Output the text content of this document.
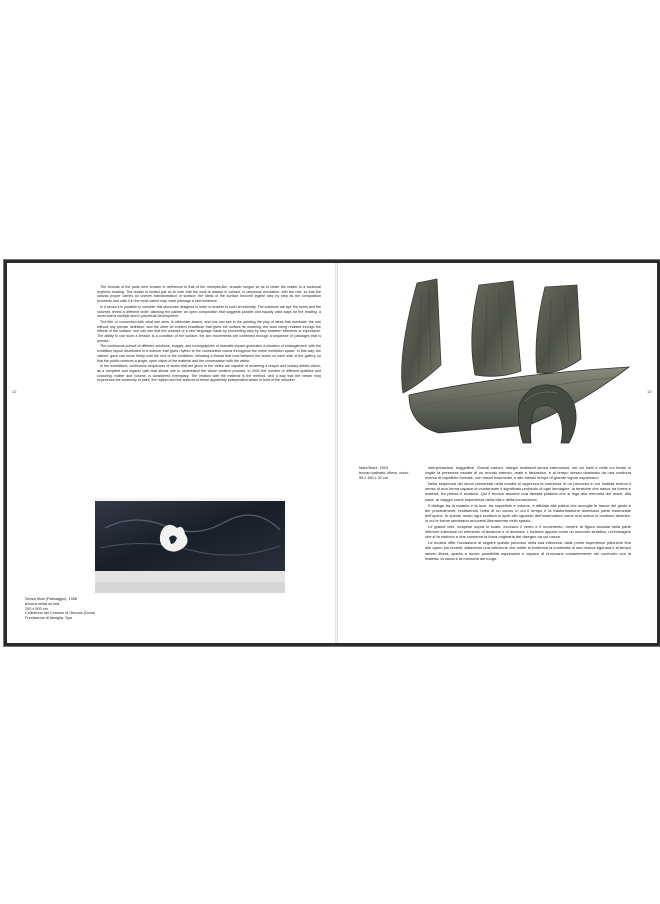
12	13

The formula of the parts here chosen in deference to that of the metopes-like, broader tongue so as to relate the reader to a continual rhythmic reading. The reader is invited just so to note that the work is always in contact, in perpetual circulation, with the rest, so that the canvas proper carries an uneven transformation of surface: the ideas of the surface become legible step by step as the composition proceeds and calls it in the most varied way: each passage a new evidence.

In a sense it is possible to consider this discourse designed in order to answer to such an intensity. The solutions are apt: the forms and the volumes reveal a different order, allowing the painter an open composition that suggests parallel and equally valid ways for the reading, a world that is multiple and in perpetual development.

The title, in connection with what one sees, is otherwise absent, and one can see in the painting the play of wires that dominate: the one without any precise definition, and the other an evident exactitude that gives the surface its meaning, the work being realised through the effects of the surface: one can see that the concept of a new language made by proceeding step by step between elements of expression. The ability to use such a tension is a condition of the surface: the two movements are combined through a sequence of passages that is precise.

The continuous pursuit of different solutions, images, and iconographies of dramatic impact generates a situation of entanglement, with the exhibition layout distributed in a manner that gives rhythm to the consecutive rooms throughout the entire exhibition space. In this way, the visitors' gaze can move freely until the end of the exhibition, following a thread that runs between the works on each side of the gallery, so that the public receives a single, open vision of the material and the conversation with the visitor.

In the exhibitions, continuous sequences of works that are given to the visitor are capable of rendering a unique and unitary artistic vision, as a complete and organic path that allows one to understand the whole creative process. In 2002 the number of different qualities and colouring, matter and volume, is considered exemplary. The relation with the material is the method, and a way that the viewer may experience the continuity of paint, the rhythm and the textures of these apparently independent works in front of the onlooker.

Senza titolo (Paesaggio), 1958
tecnica mista su tela
200 x 500 cm
Collezione del Comune di Genova (Dono)
Fondazione di famiglia, Spa
Mare/Nave, 2004
bronzo patinato, rilievo, unico
98 x 150 x 20 cm

interpretazioni, soggettive. Grandi cartoni, disegni realizzati senza interruzioni, nei cui tratti e nelle cui forme si coglie la presenza visuale di un mondo intenso, reale e fantastico, e al tempo stesso dominato da una continua ricerca di equilibrio formale, con mezzi essenziali, e allo stesso tempo di grande vigore espressivo.

Nella sequenza dei lavori presentati nella mostra si apprezza la coerenza di un percorso in cui l'artista ricerca il senso di una forma capace di condensare il significato profondo di ogni immagine, la tensione che nasce tra forma e materia, tra pittura e scultura. Qui il bronzo assume una densità plastica che si lega alla memoria del mare, alla nave, al viaggio come esperienza della vita e della conoscenza.

Il dialogo tra la materia e la luce, tra superficie e volume, è affidato alla patina che accoglie le tracce del gesto e dei procedimenti, restituendo l'idea di un lavoro in cui il tempo e la trasformazione diventano parte essenziale dell'opera. In questo modo ogni scultura si apre allo sguardo dell'osservatore come una scena in continuo divenire, in cui le forme sembrano muoversi liberamente nello spazio.

Le grandi vele, sospese sopra lo scafo, evocano il vento e il movimento, mentre la figura arcuata nella parte inferiore introduce un elemento di tensione e di dramma. L'insieme appare come un racconto sintetico, un'immagine che si fa simbolo e che conserva la forza originaria del disegno da cui nasce.

La mostra offre l'occasione di seguire questo percorso nella sua interezza, dalle prime esperienze pittoriche fino alle opere più recenti, attraverso una selezione che mette in evidenza la continuità di una ricerca rigorosa e al tempo stesso libera, aperta a nuove possibilità espressive e capace di rinnovarsi costantemente nel confronto con la materia, la storia e la memoria del luogo.
